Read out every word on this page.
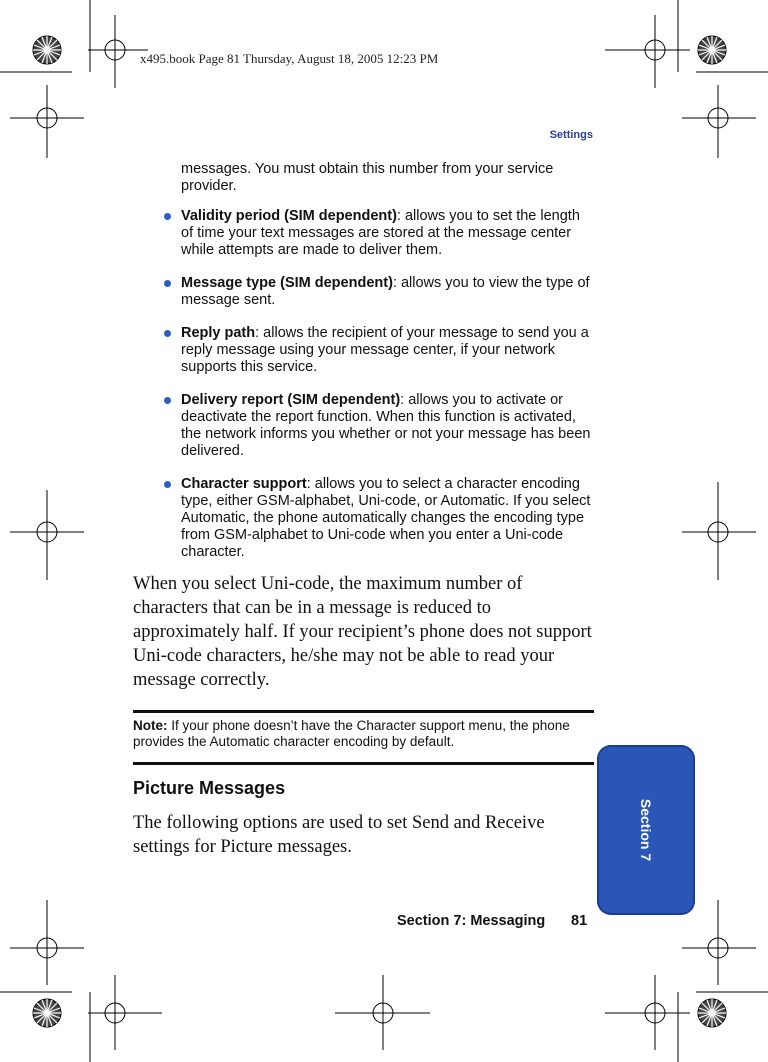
x495.book Page 81 Thursday, August 18, 2005 12:23 PM
Settings
messages. You must obtain this number from your service provider.
Validity period (SIM dependent): allows you to set the length of time your text messages are stored at the message center while attempts are made to deliver them.
Message type (SIM dependent): allows you to view the type of message sent.
Reply path: allows the recipient of your message to send you a reply message using your message center, if your network supports this service.
Delivery report (SIM dependent): allows you to activate or deactivate the report function. When this function is activated, the network informs you whether or not your message has been delivered.
Character support: allows you to select a character encoding type, either GSM-alphabet, Uni-code, or Automatic. If you select Automatic, the phone automatically changes the encoding type from GSM-alphabet to Uni-code when you enter a Uni-code character.
When you select Uni-code, the maximum number of characters that can be in a message is reduced to approximately half. If your recipient’s phone does not support Uni-code characters, he/she may not be able to read your message correctly.
Note: If your phone doesn’t have the Character support menu, the phone provides the Automatic character encoding by default.
Picture Messages
The following options are used to set Send and Receive settings for Picture messages.	Section 7
Section 7: Messaging 81
